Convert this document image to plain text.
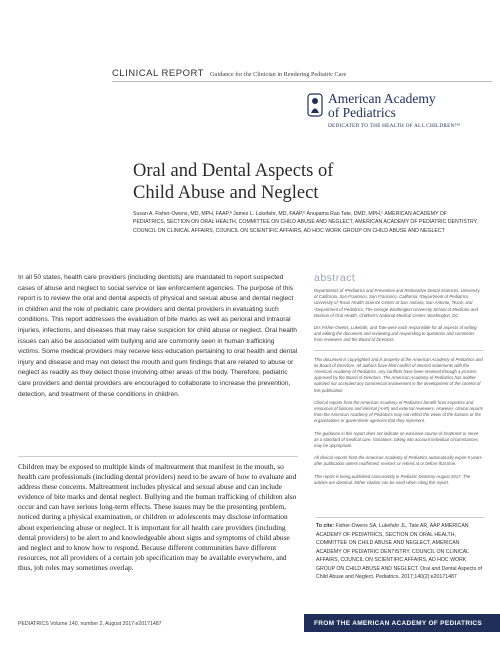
CLINICAL REPORT Guidance for the Clinician in Rendering Pediatric Care
American Academy
of Pediatrics
DEDICATED TO THE HEALTH OF ALL CHILDREN™
Oral and Dental Aspects of
Child Abuse and Neglect
Susan A. Fisher-Owens, MD, MPH, FAAP,ª James L. Lukefahr, MD, FAAP,ᵇ Anupama Rao Tate, DMD, MPH,ᶜ AMERICAN ACADEMY OF PEDIATRICS, SECTION ON ORAL HEALTH, COMMITTEE ON CHILD ABUSE AND NEGLECT, AMERICAN ACADEMY OF PEDIATRIC DENTISTRY, COUNCIL ON CLINICAL AFFAIRS, COUNCIL ON SCIENTIFIC AFFAIRS, AD HOC WORK GROUP ON CHILD ABUSE AND NEGLECT
In all 50 states, health care providers (including dentists) are mandated to report suspected cases of abuse and neglect to social service or law enforcement agencies. The purpose of this report is to review the oral and dental aspects of physical and sexual abuse and dental neglect in children and the role of pediatric care providers and dental providers in evaluating such conditions. This report addresses the evaluation of bite marks as well as perioral and intraoral injuries, infections, and diseases that may raise suspicion for child abuse or neglect. Oral health issues can also be associated with bullying and are commonly seen in human trafficking victims. Some medical providers may receive less education pertaining to oral health and dental injury and disease and may not detect the mouth and gum findings that are related to abuse or neglect as readily as they detect those involving other areas of the body. Therefore, pediatric care providers and dental providers are encouraged to collaborate to increase the prevention, detection, and treatment of these conditions in children.
Children may be exposed to multiple kinds of maltreatment that manifest in the mouth, so health care professionals (including dental providers) need to be aware of how to evaluate and address these concerns. Maltreatment includes physical and sexual abuse and can include evidence of bite marks and dental neglect. Bullying and the human trafficking of children also occur and can have serious long-term effects. These issues may be the presenting problem, noticed during a physical examination, or children or adolescents may disclose information about experiencing abuse or neglect. It is important for all health care providers (including dental providers) to be alert to and knowledgeable about signs and symptoms of child abuse and neglect and to know how to respond. Because different communities have different resources, not all providers of a certain job specification may be available everywhere, and thus, job roles may sometimes overlap.
abstract
Departments of ᵃPediatrics and Preventive and Restorative Dental Sciences, University of California, San Francisco, San Francisco, California; ᵇDepartment of Pediatrics, University of Texas Health Science Center at San Antonio, San Antonio, Texas; and ᶜDepartment of Pediatrics, The George Washington University School of Medicine and Division of Oral Health, Children's National Medical Center, Washington, DC
Drs Fisher-Owens, Lukefahr, and Tate were each responsible for all aspects of writing and editing the document and reviewing and responding to questions and comments from reviewers and the Board of Directors.
This document is copyrighted and is property of the American Academy of Pediatrics and its Board of Directors. All authors have filed conflict of interest statements with the American Academy of Pediatrics. Any conflicts have been resolved through a process approved by the Board of Directors. The American Academy of Pediatrics has neither solicited nor accepted any commercial involvement in the development of the content of this publication.
Clinical reports from the American Academy of Pediatrics benefit from expertise and resources of liaisons and internal (AAP) and external reviewers. However, clinical reports from the American Academy of Pediatrics may not reflect the views of the liaisons or the organizations or government agencies that they represent.
The guidance in this report does not indicate an exclusive course of treatment or serve as a standard of medical care. Variations, taking into account individual circumstances, may be appropriate.
All clinical reports from the American Academy of Pediatrics automatically expire 5 years after publication unless reaffirmed, revised, or retired at or before that time.
This report is being published concurrently in Pediatric Dentistry August 2017. The articles are identical. Either citation can be used when citing this report.
To cite: Fisher-Owens SA, Lukefahr JL, Tate AR, AAP AMERICAN ACADEMY OF PEDIATRICS, SECTION ON ORAL HEALTH, COMMITTEE ON CHILD ABUSE AND NEGLECT, AMERICAN ACADEMY OF PEDIATRIC DENTISTRY, COUNCIL ON CLINICAL AFFAIRS, COUNCIL ON SCIENTIFIC AFFAIRS, AD HOC WORK GROUP ON CHILD ABUSE AND NEGLECT. Oral and Dental Aspects of Child Abuse and Neglect. Pediatrics. 2017;140(2):e20171487
PEDIATRICS Volume 140, number 2, August 2017:e20171487	FROM THE AMERICAN ACADEMY OF PEDIATRICS
